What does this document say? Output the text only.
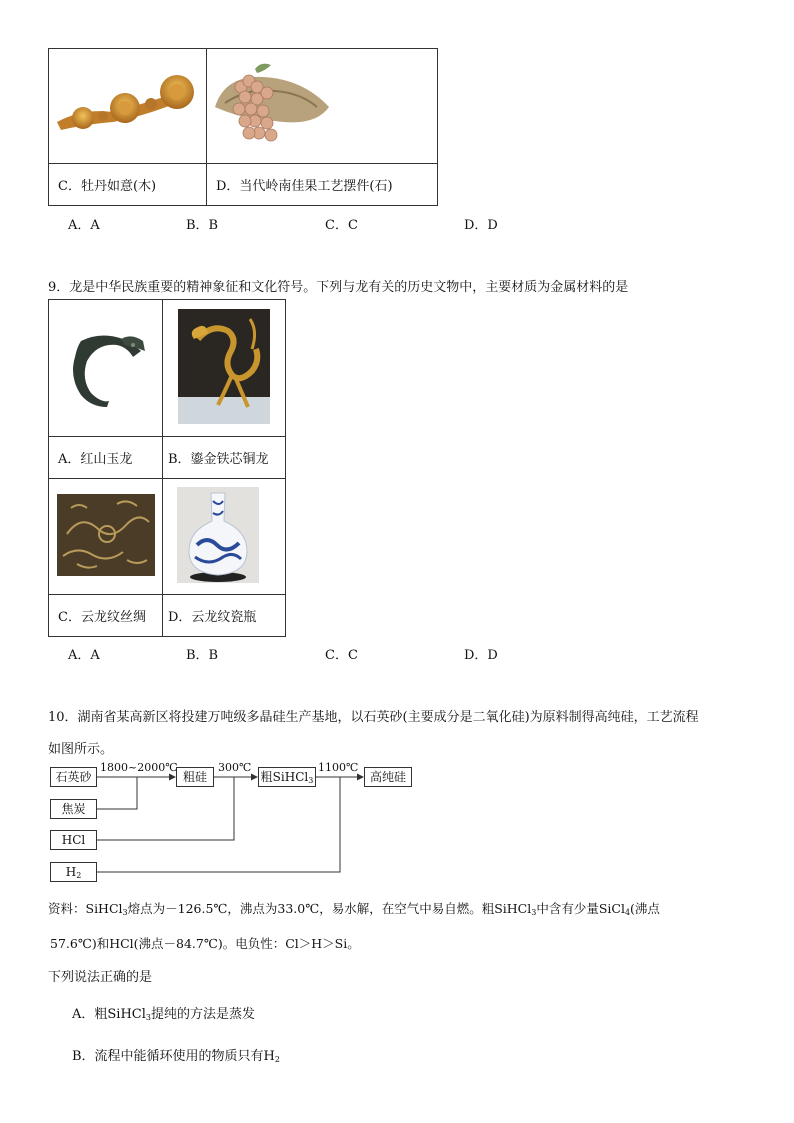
C．牡丹如意(木)	D．当代岭南佳果工艺摆件(石)
A．A	B．B	C．C	D．D
9．龙是中华民族重要的精神象征和文化符号。下列与龙有关的历史文物中，主要材质为金属材料的是

A．红山玉龙	B．鎏金铁芯铜龙

C．云龙纹丝绸	D．云龙纹瓷瓶
A．A	B．B	C．C	D．D
10．湖南省某高新区将投建万吨级多晶硅生产基地，以石英砂(主要成分是二氧化硅)为原料制得高纯硅，工艺流程
如图所示。
石英砂
焦炭
HCl
$H_2$
粗硅	粗SiHCl$_3$	高纯硅
1800~2000℃	300℃	1100℃
资料：SiHCl$_3$熔点为－126.5℃，沸点为33.0℃，易水解，在空气中易自燃。粗SiHCl$_3$中含有少量SiCl$_4$(沸点
57.6℃)和HCl(沸点－84.7℃)。电负性：Cl＞H＞Si。
下列说法正确的是
A．粗SiHCl$_3$提纯的方法是蒸发
B．流程中能循环使用的物质只有$H_2$
